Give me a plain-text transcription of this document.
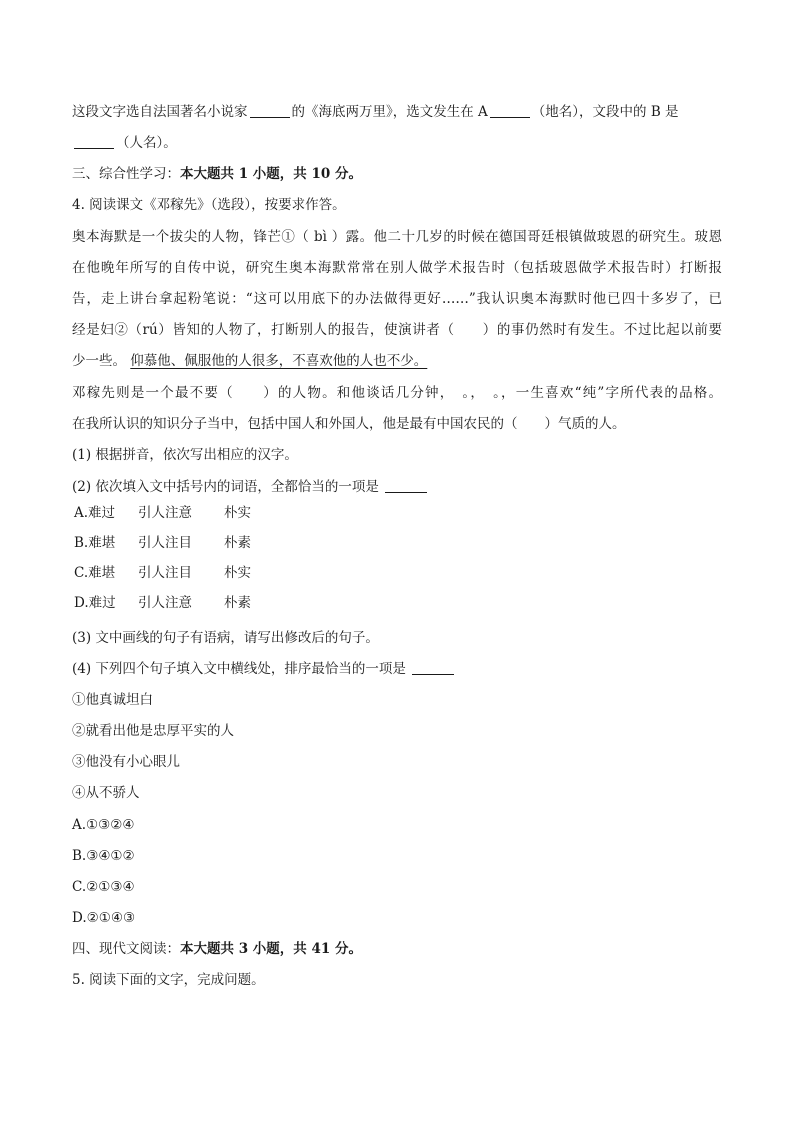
这段文字选自法国著名小说家	的《海底两万里》，选文发生在 A	（地名），文段中的 B 是
（人名）。
三、综合性学习：本大题共 1 小题，共 10 分。
4. 阅读课文《邓稼先》（选段），按要求作答。
奥本海默是一个拔尖的人物，锋芒①（ bì ）露。他二十几岁的时候在德国哥廷根镇做玻恩的研究生。玻恩
在他晚年所写的自传中说，研究生奥本海默常常在别人做学术报告时（包括玻恩做学术报告时）打断报
告，走上讲台拿起粉笔说：“这可以用底下的办法做得更好……”我认识奥本海默时他已四十多岁了，已
经是妇②（rú）皆知的人物了，打断别人的报告，使演讲者（　　）的事仍然时有发生。不过比起以前要
少一些。 仰慕他、佩服他的人很多，不喜欢他的人也不少。
邓稼先则是一个最不要（　　）的人物。和他谈话几分钟，　。，　。，一生喜欢“纯”字所代表的品格。
在我所认识的知识分子当中，包括中国人和外国人，他是最有中国农民的（　　）气质的人。
(1) 根据拼音，依次写出相应的汉字。
(2) 依次填入文中括号内的词语，全都恰当的一项是
A.难过 引人注意 朴实
B.难堪 引人注目 朴素
C.难堪 引人注目 朴实
D.难过 引人注意 朴素
(3) 文中画线的句子有语病，请写出修改后的句子。
(4) 下列四个句子填入文中横线处，排序最恰当的一项是
①他真诚坦白
②就看出他是忠厚平实的人
③他没有小心眼儿
④从不骄人
A.①③②④
B.③④①②
C.②①③④
D.②①④③
四、现代文阅读：本大题共 3 小题，共 41 分。
5. 阅读下面的文字，完成问题。
